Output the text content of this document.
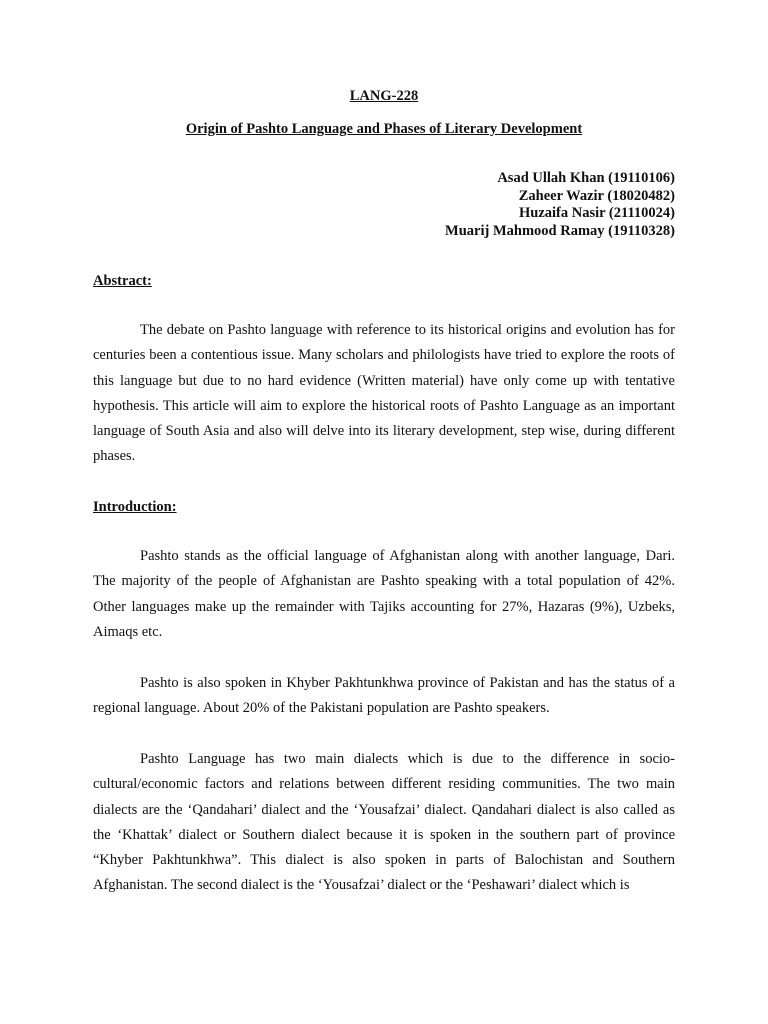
LANG-228
Origin of Pashto Language and Phases of Literary Development
Asad Ullah Khan (19110106)
Zaheer Wazir (18020482)
Huzaifa Nasir (21110024)
Muarij Mahmood Ramay (19110328)
Abstract:

The debate on Pashto language with reference to its historical origins and evolution has for centuries been a contentious issue. Many scholars and philologists have tried to explore the roots of this language but due to no hard evidence (Written material) have only come up with tentative hypothesis. This article will aim to explore the historical roots of Pashto Language as an important language of South Asia and also will delve into its literary development, step wise, during different phases.

Introduction:

Pashto stands as the official language of Afghanistan along with another language, Dari. The majority of the people of Afghanistan are Pashto speaking with a total population of 42%. Other languages make up the remainder with Tajiks accounting for 27%, Hazaras (9%), Uzbeks, Aimaqs etc.

Pashto is also spoken in Khyber Pakhtunkhwa province of Pakistan and has the status of a regional language. About 20% of the Pakistani population are Pashto speakers.

Pashto Language has two main dialects which is due to the difference in socio-cultural/economic factors and relations between different residing communities. The two main dialects are the ‘Qandahari’ dialect and the ‘Yousafzai’ dialect. Qandahari dialect is also called as the ‘Khattak’ dialect or Southern dialect because it is spoken in the southern part of province “Khyber Pakhtunkhwa”. This dialect is also spoken in parts of Balochistan and Southern Afghanistan. The second dialect is the ‘Yousafzai’ dialect or the ‘Peshawari’ dialect which is
